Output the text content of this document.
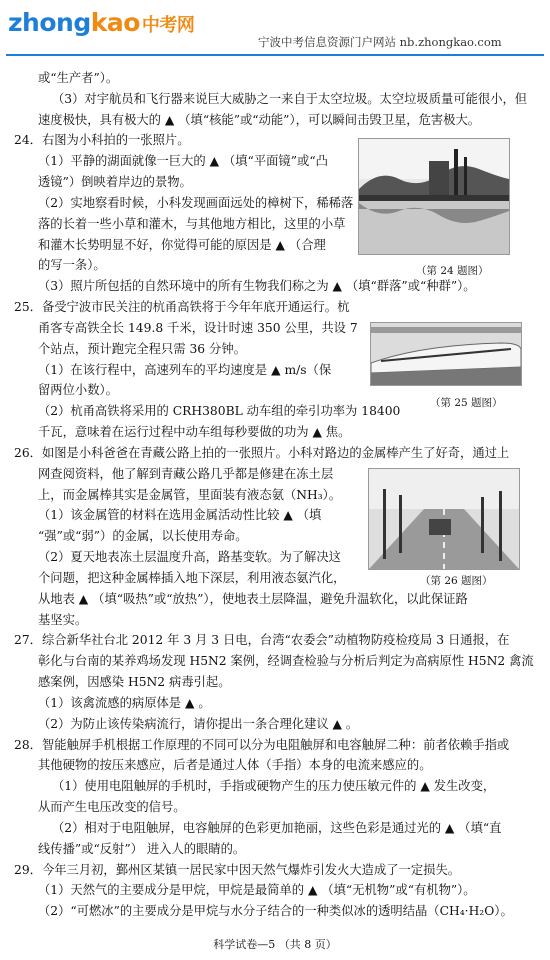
zhongkao 中考网
宁波中考信息资源门户网站 nb.zhongkao.com
或“生产者”）。
（3）对宇航员和飞行器来说巨大威胁之一来自于太空垃圾。太空垃圾质量可能很小，但
速度极快，具有极大的 ▲ （填“核能”或“动能”），可以瞬间击毁卫星，危害极大。
24．右图为小科拍的一张照片。
（1）平静的湖面就像一巨大的 ▲ （填“平面镜”或“凸
透镜”）倒映着岸边的景物。
（2）实地察看时候，小科发现画面远处的樟树下，稀稀落
落的长着一些小草和灌木，与其他地方相比，这里的小草
和灌木长势明显不好，你觉得可能的原因是 ▲ （合理
的写一条）。
（3）照片所包括的自然环境中的所有生物我们称之为 ▲ （填“群落”或“种群”）。
25．备受宁波市民关注的杭甬高铁将于今年年底开通运行。杭
甬客专高铁全长 149.8 千米，设计时速 350 公里，共设 7
个站点，预计跑完全程只需 36 分钟。
（1）在该行程中，高速列车的平均速度是 ▲ m/s（保
留两位小数）。
（2）杭甬高铁将采用的 CRH380BL 动车组的牵引功率为 18400
千瓦，意味着在运行过程中动车组每秒要做的功为 ▲ 焦。
26．如图是小科爸爸在青藏公路上拍的一张照片。小科对路边的金属棒产生了好奇，通过上
网查阅资料，他了解到青藏公路几乎都是修建在冻土层
上，而金属棒其实是金属管，里面装有液态氨（NH₃）。
（1）该金属管的材料在选用金属活动性比较 ▲ （填
“强”或“弱”）的金属，以长使用寿命。
（2）夏天地表冻土层温度升高，路基变软。为了解决这
个问题，把这种金属棒插入地下深层，利用液态氨汽化，
从地表 ▲ （填“吸热”或“放热”），使地表土层降温，避免升温软化，以此保证路
基坚实。
27．综合新华社台北 2012 年 3 月 3 日电，台湾“农委会”动植物防疫检疫局 3 日通报，在
彰化与台南的某养鸡场发现 H5N2 案例，经调查检验与分析后判定为高病原性 H5N2 禽流
感案例，因感染 H5N2 病毒引起。
（1）该禽流感的病原体是 ▲ 。
（2）为防止该传染病流行，请你提出一条合理化建议 ▲ 。
28．智能触屏手机根据工作原理的不同可以分为电阻触屏和电容触屏二种：前者依赖手指或
其他硬物的按压来感应，后者是通过人体（手指）本身的电流来感应的。
（1）使用电阻触屏的手机时，手指或硬物产生的压力使压敏元件的 ▲ 发生改变，
从而产生电压改变的信号。
（2）相对于电阻触屏，电容触屏的色彩更加艳丽，这些色彩是通过光的 ▲ （填“直
线传播”或“反射”） 进入人的眼睛的。
29．今年三月初，鄞州区某镇一居民家中因天然气爆炸引发火大造成了一定损失。
（1）天然气的主要成分是甲烷，甲烷是最简单的 ▲ （填“无机物”或“有机物”）。
（2）“可燃冰”的主要成分是甲烷与水分子结合的一种类似冰的透明结晶（CH₄·H₂O）。
（第 24 题图）
（第 25 题图）
（第 26 题图）
科学试卷—5 （共 8 页）
